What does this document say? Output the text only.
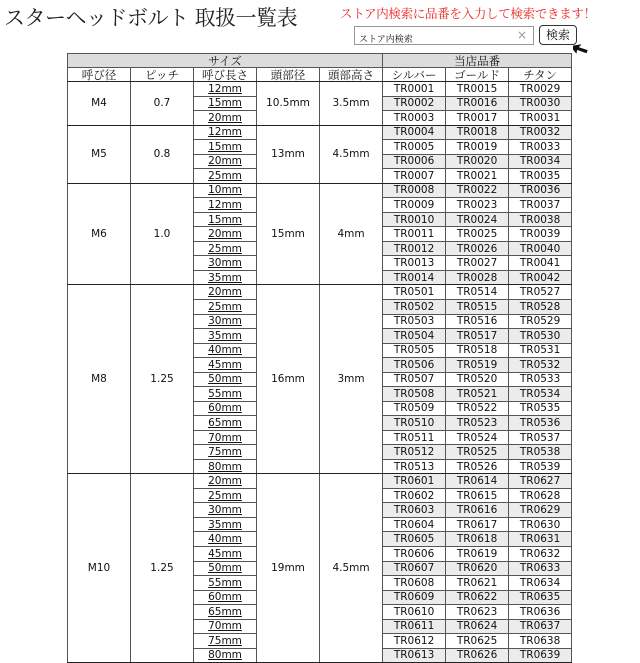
スターヘッドボルト 取扱一覧表	ストア内検索に品番を入力して検索できます！
ストア内検索
×	検索
サイズ					当店品番		
呼び径	ピッチ	呼び長さ	頭部径	頭部高さ	シルバー	ゴールド	チタン
M4	0.7	12mm	10.5mm	3.5mm	TR0001	TR0015	TR0029
		15mm			TR0002	TR0016	TR0030
		20mm			TR0003	TR0017	TR0031
M5	0.8	12mm	13mm	4.5mm	TR0004	TR0018	TR0032
		15mm			TR0005	TR0019	TR0033
		20mm			TR0006	TR0020	TR0034
		25mm			TR0007	TR0021	TR0035
M6	1.0	10mm	15mm	4mm	TR0008	TR0022	TR0036
		12mm			TR0009	TR0023	TR0037
		15mm			TR0010	TR0024	TR0038
		20mm			TR0011	TR0025	TR0039
		25mm			TR0012	TR0026	TR0040
		30mm			TR0013	TR0027	TR0041
		35mm			TR0014	TR0028	TR0042
M8	1.25	20mm	16mm	3mm	TR0501	TR0514	TR0527
		25mm			TR0502	TR0515	TR0528
		30mm			TR0503	TR0516	TR0529
		35mm			TR0504	TR0517	TR0530
		40mm			TR0505	TR0518	TR0531
		45mm			TR0506	TR0519	TR0532
		50mm			TR0507	TR0520	TR0533
		55mm			TR0508	TR0521	TR0534
		60mm			TR0509	TR0522	TR0535
		65mm			TR0510	TR0523	TR0536
		70mm			TR0511	TR0524	TR0537
		75mm			TR0512	TR0525	TR0538
		80mm			TR0513	TR0526	TR0539
M10	1.25	20mm	19mm	4.5mm	TR0601	TR0614	TR0627
		25mm			TR0602	TR0615	TR0628
		30mm			TR0603	TR0616	TR0629
		35mm			TR0604	TR0617	TR0630
		40mm			TR0605	TR0618	TR0631
		45mm			TR0606	TR0619	TR0632
		50mm			TR0607	TR0620	TR0633
		55mm			TR0608	TR0621	TR0634
		60mm			TR0609	TR0622	TR0635
		65mm			TR0610	TR0623	TR0636
		70mm			TR0611	TR0624	TR0637
		75mm			TR0612	TR0625	TR0638
		80mm			TR0613	TR0626	TR0639
